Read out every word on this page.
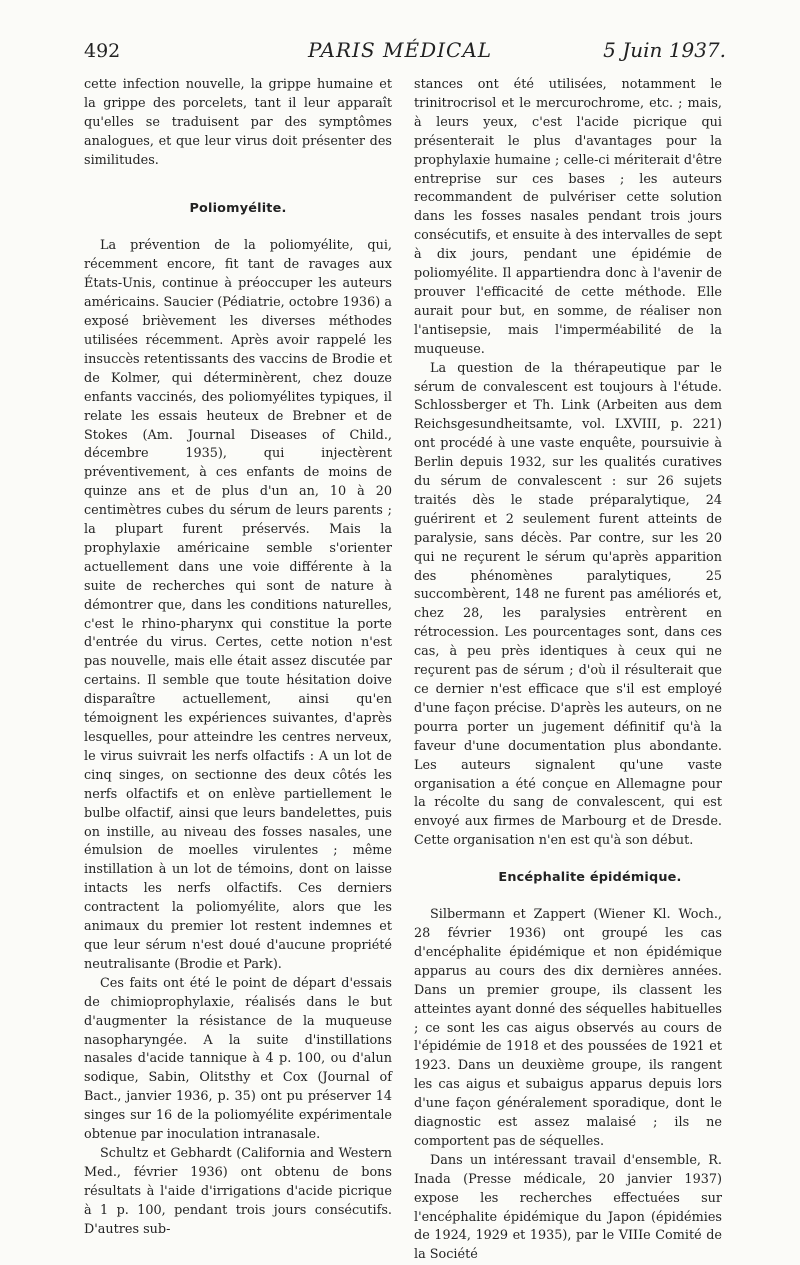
492	PARIS MÉDICAL	5 Juin 1937.

cette infection nouvelle, la grippe humaine et la grippe des porcelets, tant il leur apparaît qu'elles se traduisent par des symptômes analogues, et que leur virus doit présenter des similitudes.

Poliomyélite.

La prévention de la poliomyélite, qui, récemment encore, fit tant de ravages aux États-Unis, continue à préoccuper les auteurs américains. Saucier (Pédiatrie, octobre 1936) a exposé brièvement les diverses méthodes utilisées récemment. Après avoir rappelé les insuccès retentissants des vaccins de Brodie et de Kolmer, qui déterminèrent, chez douze enfants vaccinés, des poliomyélites typiques, il relate les essais heuteux de Brebner et de Stokes (Am. Journal Diseases of Child., décembre 1935), qui injectèrent préventivement, à ces enfants de moins de quinze ans et de plus d'un an, 10 à 20 centimètres cubes du sérum de leurs parents ; la plupart furent préservés. Mais la prophylaxie américaine semble s'orienter actuellement dans une voie différente à la suite de recherches qui sont de nature à démontrer que, dans les conditions naturelles, c'est le rhino-pharynx qui constitue la porte d'entrée du virus. Certes, cette notion n'est pas nouvelle, mais elle était assez discutée par certains. Il semble que toute hésitation doive disparaître actuellement, ainsi qu'en témoignent les expériences suivantes, d'après lesquelles, pour atteindre les centres nerveux, le virus suivrait les nerfs olfactifs : A un lot de cinq singes, on sectionne des deux côtés les nerfs olfactifs et on enlève partiellement le bulbe olfactif, ainsi que leurs bandelettes, puis on instille, au niveau des fosses nasales, une émulsion de moelles virulentes ; même instillation à un lot de témoins, dont on laisse intacts les nerfs olfactifs. Ces derniers contractent la poliomyélite, alors que les animaux du premier lot restent indemnes et que leur sérum n'est doué d'aucune propriété neutralisante (Brodie et Park).

Ces faits ont été le point de départ d'essais de chimioprophylaxie, réalisés dans le but d'augmenter la résistance de la muqueuse nasopharyngée. A la suite d'instillations nasales d'acide tannique à 4 p. 100, ou d'alun sodique, Sabin, Olitsthy et Cox (Journal of Bact., janvier 1936, p. 35) ont pu préserver 14 singes sur 16 de la poliomyélite expérimentale obtenue par inoculation intranasale.

Schultz et Gebhardt (California and Western Med., février 1936) ont obtenu de bons résultats à l'aide d'irrigations d'acide picrique à 1 p. 100, pendant trois jours consécutifs. D'autres sub-

stances ont été utilisées, notamment le trinitrocrisol et le mercurochrome, etc. ; mais, à leurs yeux, c'est l'acide picrique qui présenterait le plus d'avantages pour la prophylaxie humaine ; celle-ci mériterait d'être entreprise sur ces bases ; les auteurs recommandent de pulvériser cette solution dans les fosses nasales pendant trois jours consécutifs, et ensuite à des intervalles de sept à dix jours, pendant une épidémie de poliomyélite. Il appartiendra donc à l'avenir de prouver l'efficacité de cette méthode. Elle aurait pour but, en somme, de réaliser non l'antisepsie, mais l'imperméabilité de la muqueuse.

La question de la thérapeutique par le sérum de convalescent est toujours à l'étude. Schlossberger et Th. Link (Arbeiten aus dem Reichsgesundheitsamte, vol. LXVIII, p. 221) ont procédé à une vaste enquête, poursuivie à Berlin depuis 1932, sur les qualités curatives du sérum de convalescent : sur 26 sujets traités dès le stade préparalytique, 24 guérirent et 2 seulement furent atteints de paralysie, sans décès. Par contre, sur les 20 qui ne reçurent le sérum qu'après apparition des phénomènes paralytiques, 25 succombèrent, 148 ne furent pas améliorés et, chez 28, les paralysies entrèrent en rétrocession. Les pourcentages sont, dans ces cas, à peu près identiques à ceux qui ne reçurent pas de sérum ; d'où il résulterait que ce dernier n'est efficace que s'il est employé d'une façon précise. D'après les auteurs, on ne pourra porter un jugement définitif qu'à la faveur d'une documentation plus abondante. Les auteurs signalent qu'une vaste organisation a été conçue en Allemagne pour la récolte du sang de convalescent, qui est envoyé aux firmes de Marbourg et de Dresde. Cette organisation n'en est qu'à son début.

Encéphalite épidémique.

Silbermann et Zappert (Wiener Kl. Woch., 28 février 1936) ont groupé les cas d'encéphalite épidémique et non épidémique apparus au cours des dix dernières années. Dans un premier groupe, ils classent les atteintes ayant donné des séquelles habituelles ; ce sont les cas aigus observés au cours de l'épidémie de 1918 et des poussées de 1921 et 1923. Dans un deuxième groupe, ils rangent les cas aigus et subaigus apparus depuis lors d'une façon généralement sporadique, dont le diagnostic est assez malaisé ; ils ne comportent pas de séquelles.

Dans un intéressant travail d'ensemble, R. Inada (Presse médicale, 20 janvier 1937) expose les recherches effectuées sur l'encéphalite épidémique du Japon (épidémies de 1924, 1929 et 1935), par le VIIIe Comité de la Société
